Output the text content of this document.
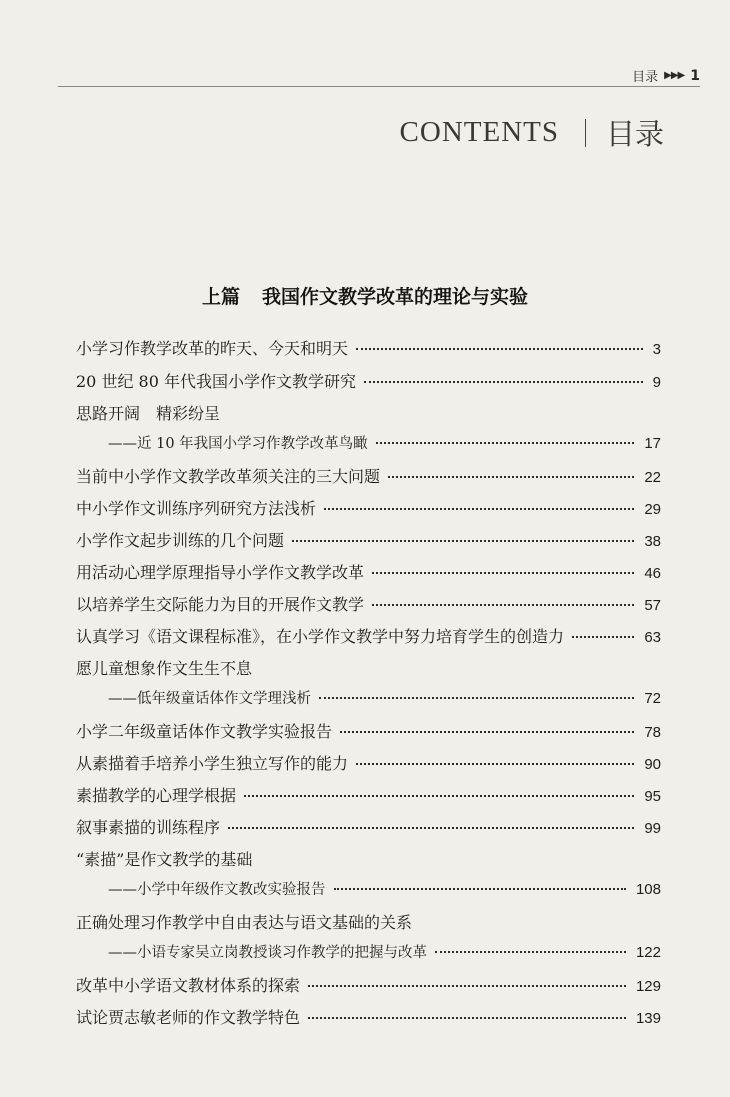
目录 ▶▶▶ 1
CONTENTS 目录
上篇 我国作文教学改革的理论与实验
小学习作教学改革的昨天、今天和明天	3
20 世纪 80 年代我国小学作文教学研究	9
思路开阔　精彩纷呈
——近 10 年我国小学习作教学改革鸟瞰	17
当前中小学作文教学改革须关注的三大问题	22
中小学作文训练序列研究方法浅析	29
小学作文起步训练的几个问题	38
用活动心理学原理指导小学作文教学改革	46
以培养学生交际能力为目的开展作文教学	57
认真学习《语文课程标准》，在小学作文教学中努力培育学生的创造力	63
愿儿童想象作文生生不息
——低年级童话体作文学理浅析	72
小学二年级童话体作文教学实验报告	78
从素描着手培养小学生独立写作的能力	90
素描教学的心理学根据	95
叙事素描的训练程序	99
“素描”是作文教学的基础
——小学中年级作文教改实验报告	108
正确处理习作教学中自由表达与语文基础的关系
——小语专家吴立岗教授谈习作教学的把握与改革	122
改革中小学语文教材体系的探索	129
试论贾志敏老师的作文教学特色	139
